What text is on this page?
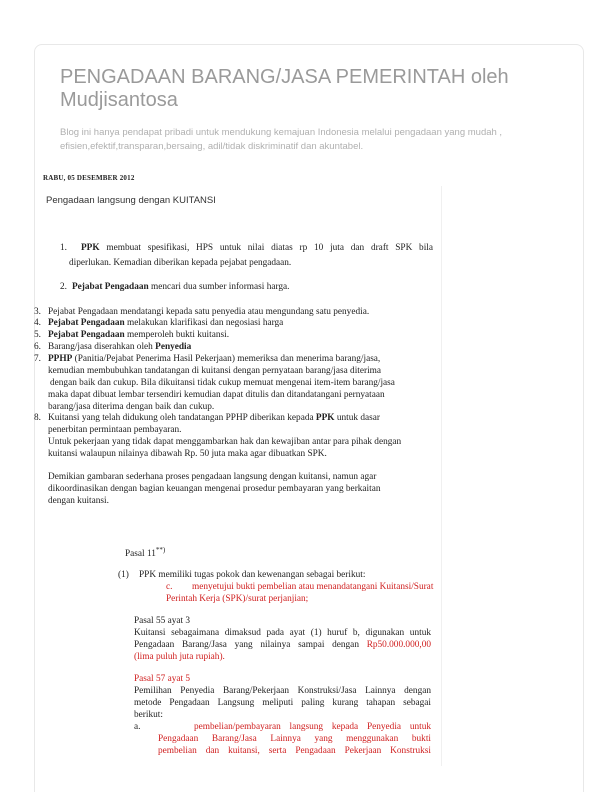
PENGADAAN BARANG/JASA PEMERINTAH oleh Mudjisantosa
Blog ini hanya pendapat pribadi untuk mendukung kemajuan Indonesia melalui pengadaan yang mudah , efisien,efektif,transparan,bersaing, adil/tidak diskriminatif dan akuntabel.
RABU, 05 DESEMBER 2012
Pengadaan langsung dengan KUITANSI
1. PPK membuat spesifikasi, HPS untuk nilai diatas rp 10 juta dan draft SPK bila
diperlukan. Kemadian diberikan kepada pejabat pengadaan.
2. Pejabat Pengadaan mencari dua sumber informasi harga.
3. Pejabat Pengadaan mendatangi kepada satu penyedia atau mengundang satu penyedia.
4. Pejabat Pengadaan melakukan klarifikasi dan negosiasi harga
5. Pejabat Pengadaan memperoleh bukti kuitansi.
6. Barang/jasa diserahkan oleh Penyedia
7. PPHP (Panitia/Pejabat Penerima Hasil Pekerjaan) memeriksa dan menerima barang/jasa,
kemudian membubuhkan tandatangan di kuitansi dengan pernyataan barang/jasa diterima
dengan baik dan cukup. Bila dikuitansi tidak cukup memuat mengenai item-item barang/jasa
maka dapat dibuat lembar tersendiri kemudian dapat ditulis dan ditandatangani pernyataan
barang/jasa diterima dengan baik dan cukup.
8. Kuitansi yang telah didukung oleh tandatangan PPHP diberikan kepada PPK untuk dasar
penerbitan permintaan pembayaran.
Untuk pekerjaan yang tidak dapat menggambarkan hak dan kewajiban antar para pihak dengan
kuitansi walaupun nilainya dibawah Rp. 50 juta maka agar dibuatkan SPK.
Demikian gambaran sederhana proses pengadaan langsung dengan kuitansi, namun agar
dikoordinasikan dengan bagian keuangan mengenai prosedur pembayaran yang berkaitan
dengan kuitansi.
Pasal 11**)
(1) PPK memiliki tugas pokok dan kewenangan sebagai berikut:
c. menyetujui bukti pembelian atau menandatangani Kuitansi/Surat
Perintah Kerja (SPK)/surat perjanjian;
Pasal 55 ayat 3
Kuitansi sebagaimana dimaksud pada ayat (1) huruf b, digunakan untuk
Pengadaan Barang/Jasa yang nilainya sampai dengan Rp50.000.000,00
(lima puluh juta rupiah).
Pasal 57 ayat 5
Pemilihan Penyedia Barang/Pekerjaan Konstruksi/Jasa Lainnya dengan
metode Pengadaan Langsung meliputi paling kurang tahapan sebagai
berikut:
a.	pembelian/pembayaran langsung kepada Penyedia untuk
Pengadaan Barang/Jasa Lainnya yang menggunakan bukti
pembelian dan kuitansi, serta Pengadaan Pekerjaan Konstruksi
